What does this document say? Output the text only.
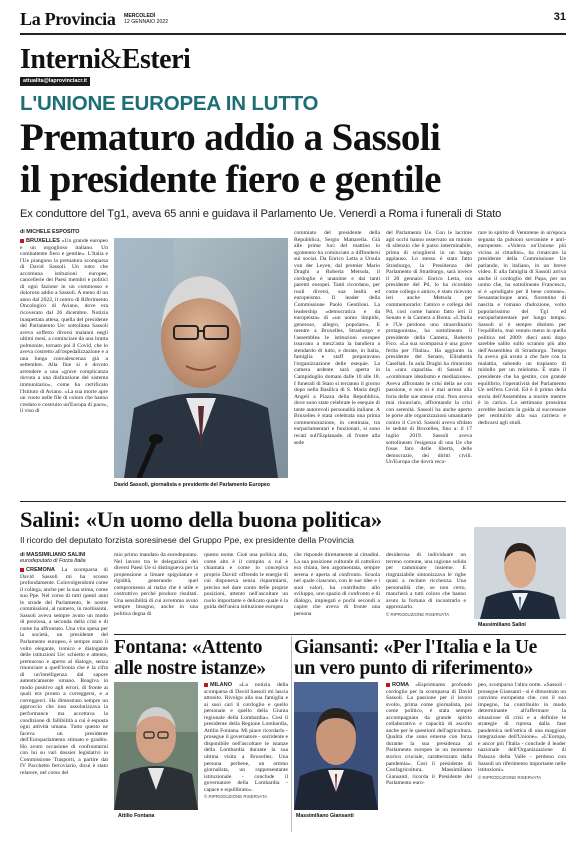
La Provincia MERCOLEDÌ
12 GENNAIO 2022	31
Interni&Esteri
attualita@laprovinciacr.it
L'UNIONE EUROPEA IN LUTTO
Prematuro addio a Sassoli
il presidente fiero e gentile
Ex conduttore del Tg1, aveva 65 anni e guidava il Parlamento Ue. Venerdì a Roma i funerali di Stato
di MICHELE ESPOSITO

BRUXELLES «Un grande europeo e un orgoglioso italiano. Un combattente fiero e gentile». L'Italia e l'Ue piangono la prematura scomparsa di David Sassoli. Un tutto che accomuna istituzioni europee, cancellerie dei Paesi membri e politici di ogni fazione in un commosso e doloroso addio a Sassoli. A meno di un anno dal 2022, il centro di Riferimento Oncologico di Aviano, dove era ricoverato dal 26 dicembre. Notizia inaspettata attesa, quella del presidente del Parlamento Ue: sottolinea Sassoli aveva sofferto diversi malanni negli ultimi mesi, a cominciare da una brutta polmonite, tornato poi il Covid, che lo aveva costretto all'ospedalizzazione e a una lunga convalescenza già a settembre. Alla fine si è dovuto arrendere a una «grave complicanza dovuta a una disfunzione del sistema immunitario», come ha certificato l'Istituto di Aviano. «La sua morte apre un vuoto nelle file di coloro che hanno creduto e costruito un'Europa di pace», il viso di

David Sassoli, giornalista e presidente del Parlamento Europeo

commiato del presidente della Repubblica, Sergio Mattarella. Già alle prime luci del mattino lo sgomento ha cominciato a diffondersi sui social. Da Enrico Letta a Ursula von der Leyen, dal premier Mario Draghi a Roberta Metsola, il cordoglio è unanime e dai tanti parenti europei. Tanti ricordano, per ruoli diversi, sua lealtà ed europeismo. Il leader della Commissione Paolo Gentiloni. La leadership «democratica e da europeista» di «un uomo limpido, generoso, allegro, popolare». E mentre a Bruxelles, Strasburgo e l'assemblea le istituzioni europee issavano a mezz'asta la bandiera a stendardo di lutto, e dorate, in Italia, famiglia e staff preparavano l'organizzazione delle esequie. La camera ardente sarà aperta in Campidoglio domani dalle 10 alle 18. I funerali di Stato si terranno il giorno dopo nella Basilica di S. Maria degli Angeli a Piazza della Repubblica, dove sono state celebrate le esequie di tante autorevoli personalità italiane. A Bruxelles è stata celebrata una prima commemorazione, in centinaia, tra eurparlamentari e funzionari, si sono recati sull'Esplanade, di fronte alla sede

del Parlamento Ue. Con le lacrime agli occhi hanno osservato un minuto di silenzio che è parso interminabile, prima di sciogliersi in un lungo applauso. Lo stesso è stato fatto Strasburgo, la Presidenza del Parlamento di Strasburgo, sarà invece il 20 gennaio: Enrico Letta, ora presidente del Pd, lo ha ricordato come collega e amico, è stato ricevuto ieri anche Metsola per commemorarlo: l'amico e collega del Pd, così come hanno fatto ieri il Senato e la Camera a Roma. «L'Italia e l'Ue perdono uno straordinario protagonista», ha sottolineato il presidente della Camera, Roberto Fico. «La sua scomparsa è una grave ferita per l'Italia». Ha aggiunto la presidente del Senato, Elisabetta Casellati. In aula Draghi ha rimarcato la «rara capacità» di Sassoli di «combinare idealismo e mediazione». Aveva affrontato le crisi della ue con passione, e non si è mai arreso alla furia delle sue stesse crisi. Non aveva mai rinunciato, affrontando la crisi con serenità. Sassoli ha anche aperto le porte alle organizzazioni umanitarie contro il Covid. Sassoli aveva sfidato le sedute di Bruxelles, fino a: il 17 luglio 2019. Sassoli aveva sottolineato l'esigenza di una Ue che fosse faro delle libertà, delle democrazie, dei diritti civili. Un'Europa che dovrà recu-

rare lo spirito di Ventotene in un'epoca segnata da pulsioni sovraniste e anti-europeiste. «Voleva un'Unione più vicina ai cittadini», ha rimarcato la presidente della Commissione Ue parlando, in italiano, in un breve video. E alla famiglia di Sassoli arriva anche il cordoglio del Papa, per un uomo che, ha sottolineato Francesco, si è «prodigato per il bene comune». Sessantacinque anni, fiorentino di nascita e romano d'adozione, volto popolarissimo del Tg1 ed europarlamentare per lungo tempo. Sassoli si è sempre distinto per l'equilibrio, mai venuto meno in quella politica nel 2009: dieci anni dopo sarebbe salito sullo scranno più alto dell'Assemblea di Strasburgo. Tempo fa aveva già avuto a che fare con la malattia, subendo un trapianto di midollo per un mieloma. È stato il presidente che ha gestito, con grande equilibrio, l'operatività del Parlamento Ue nell'era Covid. Ed è il primo della storia dell'Assemblea a morire mentre è in carica. La settimana prossima avrebbe lasciato la guida al successore per restituirlo alla sua carriera e dedicarsi agli studi.

Salini: «Un uomo della buona politica»
Il ricordo del deputato forzista soresinese del Gruppo Ppe, ex presidente della Provincia
di MASSIMILIANO SALINI
eurodeputato di Forza Italia

CREMONA La scomparsa di David Sassoli mi ha scosso profondamente. Coinvolgendomi come il collega, anche per la sua stima, come suo Ppe. Nel corso di tutti questi anni le strade del Parlamento, le nostre commissioni, al numero, in moltissimi. Sassoli aveva sempre avuto un modo di preziosa, a seconda della crisi e di come ha affrontato. Una vita spesa per la società, un presidente del Parlamento europeo, è sempre stato il volto elegante, ironico e dialogante delle istituzioni Ue: schietto e attento, premuroso e aperto al dialogo, senza rinunciare a quell'ironia che è la cifra di un'intelligenza dal sapore autenticamente umano. Reagiva in modo positivo agli errori, di fronte ai quali era pronto a correggersi, e a correggerci. Ha dimostrato sempre un approccio che non assolutizzava la performance ma accettava la condizione di fallibilità a cui è esposta ogni attività umana. Tutto questo ne faceva un presidente dell'Europarlamento stimato e gradito. Ho avuto occasione di confrontarmi con lui su vari dossier legislativi in Commissione Trasporti, a partire dal IV Pacchetto ferroviario, dicui è stato relatore, nel corso del

mio primo mandato da eurodeputato. Nel lavoro tra le delegazioni dei diversi Paesi Ue si distingueva per la propensione a limare spigolature e rigidità, generando quel compromesso al rialzo che è utile e costruttivo perché produce risultati. Una sensibilità di cui avremmo avuto sempre bisogno, anche in una politica degna di

questo nome. Cioè una politica alta, come alto è il compito a cui è chiamata e come lo concepiva proprio David: offrendo le energie di cui disponeva senza risparmiarsi, preciso nel dare conto delle proprie posizioni, attento nell'ascoltare un ruolo importante e delicato quale è la guida dell'unica istituzione europea

che risponde direttamente ai cittadini. La sua posizione culturale di cattolico era chiara, ben argomentata, sempre serena e aperta al confronto. Scuola nel quale ciascuno, con le sue idee e i suoi valori, ha contribuito allo sviluppo, uno spazio di confronto e di dialogo, impiegati e pochi secondi a capire che aveva di fronte una persona

desiderosa di individuare un terreno comune, una ragione solida per camminare insieme. E ringraziabile sintonizzava le righe quasi a recitare ricchezza. Una personalità che, se non certo, mancherà a tutti coloro che hanno avuto la fortuna di incontrarlo e apprezzarlo.

© RIPRODUZIONE RISERVATA
Massimiliano Salini
Fontana: «Attento
alle nostre istanze»
Attilio Fontana

MILANO «La notizia della scomparsa di David Sassoli mi lascia attonito. Rivolgo alla sua famiglia e ai suoi cari il cordoglio e quello personale e quello della Giunta regionale della Lombardia». Così il presidente della Regione Lombardia, Attilio Fontana. Mi piace ricordarlo - prosegue il governatore - sorridente e disponibile nell'ascoltare le istanze della Lombardia durante la sua ultima visita a Bruxelles. Una persona perbene, un ottimo giornalista, un rappresentante istituzionale - conclude il governatore della Lombardia - capace e equilibrato».

© RIPRODUZIONE RISERVATA
Giansanti: «Per l'Italia e la Ue
un vero punto di riferimento»
Massimiliano Giansanti

ROMA «Esprimiamo profondo cordoglio per la scomparsa di David Sassoli. La passione per il lavoro svolto, prima come giornalista, poi come politico, è stata sempre accompagnata da grande spirito collaborativo e capacità di ascolto anche per le questioni dell'agricoltura. Qualità che sono emerse con forza durante la sua presidenza al Parlamento europeo in un momento storico cruciale, caratterizzato dalla pandemia». Così il presidente di Confagricoltura, Massimiliano Giansanti, ricorda il Presidente del Parlamento euro-

peo, scomparso l'altra notte. «Sassoli - prosegue Giansanti - si è dimostrato un convinto europeista che, con il suo impegno, ha contribuito in modo determinante all'affermare la situazione di crisi e a definire le strategie di ripresa dalla fase pandemica nell'ottica di una maggiore integrazione dell'Unione». «L'Europa, e ancor più l'Italia - conclude il leader nazionale dell'Organizzazione di Palazzo della Valle - perdono con Sassoli un riferimento importante nelle istituzioni».

© RIPRODUZIONE RISERVATA
